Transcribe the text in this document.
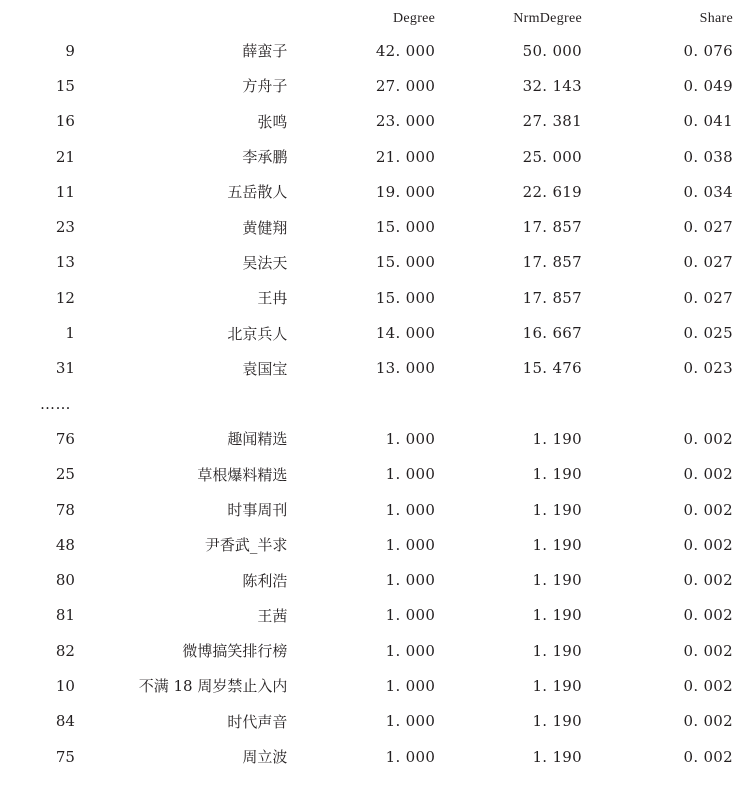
		Degree	NrmDegree	Share
9	薛蛮子	42. 000	50. 000	0. 076
15	方舟子	27. 000	32. 143	0. 049
16	张鸣	23. 000	27. 381	0. 041
21	李承鹏	21. 000	25. 000	0. 038
11	五岳散人	19. 000	22. 619	0. 034
23	黄健翔	15. 000	17. 857	0. 027
13	吴法天	15. 000	17. 857	0. 027
12	王冉	15. 000	17. 857	0. 027
1	北京兵人	14. 000	16. 667	0. 025
31	袁国宝	13. 000	15. 476	0. 023
……				
76	趣闻精选	1. 000	1. 190	0. 002
25	草根爆料精选	1. 000	1. 190	0. 002
78	时事周刊	1. 000	1. 190	0. 002
48	尹香武_半求	1. 000	1. 190	0. 002
80	陈利浩	1. 000	1. 190	0. 002
81	王茜	1. 000	1. 190	0. 002
82	微博搞笑排行榜	1. 000	1. 190	0. 002
10	不满 18 周岁禁止入内	1. 000	1. 190	0. 002
84	时代声音	1. 000	1. 190	0. 002
75	周立波	1. 000	1. 190	0. 002
